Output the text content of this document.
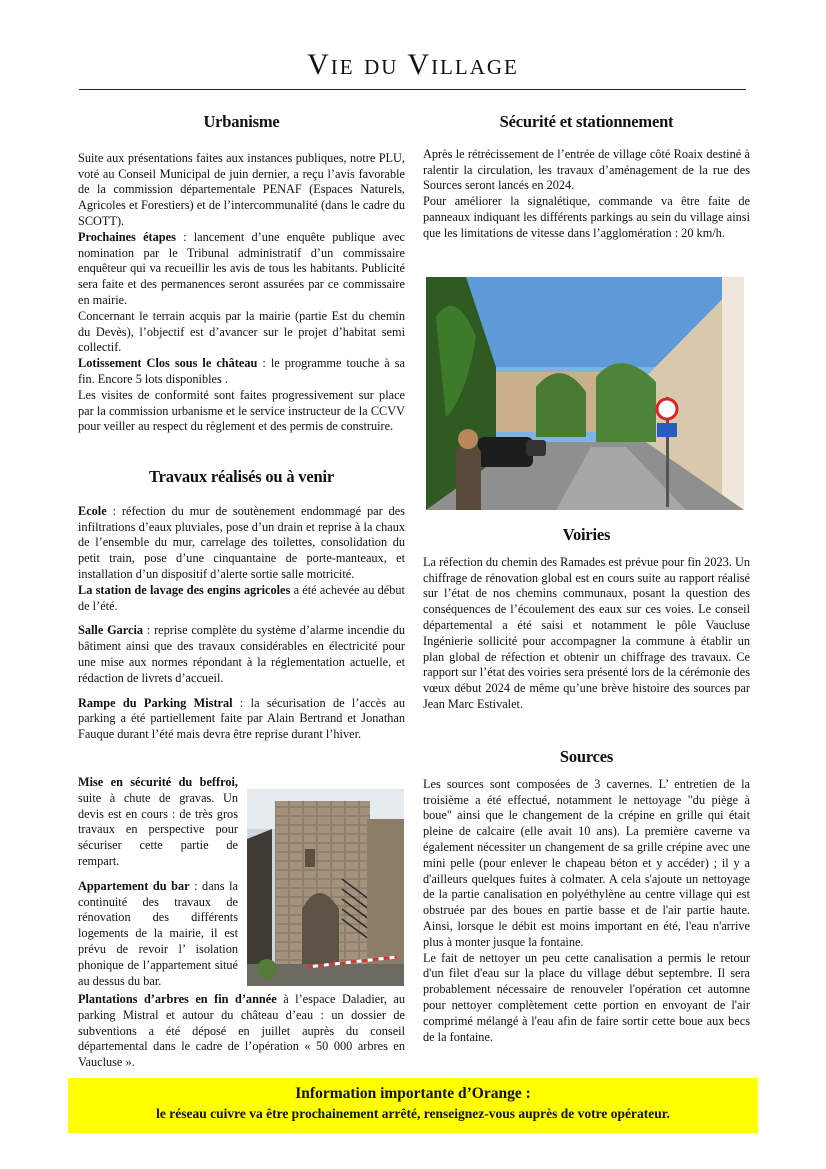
Vie du Village
Urbanisme

Suite aux présentations faites aux instances publiques, notre PLU, voté au Conseil Municipal de juin dernier, a reçu l’avis favorable de la commission départementale PENAF (Espaces Naturels, Agricoles et Forestiers) et de l’intercommunalité (dans le cadre du SCOTT).

Prochaines étapes : lancement d’une enquête publique avec nomination par le Tribunal administratif d’un commissaire enquêteur qui va recueillir les avis de tous les habitants. Publicité sera faite et des permanences seront assurées par ce commissaire en mairie.

Concernant le terrain acquis par la mairie (partie Est du chemin du Devès), l’objectif est d’avancer sur le projet d’habitat semi collectif.

Lotissement Clos sous le château : le programme touche à sa fin. Encore 5 lots disponibles .

Les visites de conformité sont faites progressivement sur place par la commission urbanisme et le service instructeur de la CCVV pour veiller au respect du règlement et des permis de construire.

Travaux réalisés ou à venir

Ecole : réfection du mur de soutènement endommagé par des infiltrations d’eaux pluviales, pose d’un drain et reprise à la chaux de l’ensemble du mur, carrelage des toilettes, consolidation du petit train, pose d’une cinquantaine de porte-manteaux, et installation d’un dispositif d’alerte sortie salle motricité.

La station de lavage des engins agricoles a été achevée au début de l’été.

Salle Garcia : reprise complète du système d’alarme incendie du bâtiment ainsi que des travaux considérables en électricité pour une mise aux normes répondant à la réglementation actuelle, et rédaction de livrets d’accueil.

Rampe du Parking Mistral : la sécurisation de l’accès au parking a été partiellement faite par Alain Bertrand et Jonathan Fauque durant l’été mais devra être reprise durant l’hiver.

Mise en sécurité du beffroi, suite à chute de gravas. Un devis est en cours : de très gros travaux en perspective pour sécuriser cette partie de rempart.

Appartement du bar : dans la continuité des travaux de rénovation des différents logements de la mairie, il est prévu de revoir l’ isolation phonique de l’appartement situé au dessus du bar.

Plantations d’arbres en fin d’année à l’espace Daladier, au parking Mistral et autour du château d’eau : un dossier de subventions a été déposé en juillet auprès du conseil départemental dans le cadre de l’opération « 50 000 arbres en Vaucluse ».

Sécurité et stationnement

Après le rétrécissement de l’entrée de village côté Roaix destiné à ralentir la circulation, les travaux d’aménagement de la rue des Sources seront lancés en 2024.

Pour améliorer la signalétique, commande va être faite de panneaux indiquant les différents parkings au sein du village ainsi que les limitations de vitesse dans l’agglomération : 20 km/h.

Voiries

La réfection du chemin des Ramades est prévue pour fin 2023. Un chiffrage de rénovation global est en cours suite au rapport réalisé sur l’état de nos chemins communaux, posant la question des conséquences de l’écoulement des eaux sur ces voies. Le conseil départemental a été saisi et notamment le pôle Vaucluse Ingénierie sollicité pour accompagner la commune à établir un plan global de réfection et obtenir un chiffrage des travaux. Ce rapport sur l’état des voiries sera présenté lors de la cérémonie des vœux début 2024 de même qu’une brève histoire des sources par Jean Marc Estivalet.

Sources

Les sources sont composées de 3 cavernes. L’ entretien de la troisième a été effectué, notamment le nettoyage "du piège à boue" ainsi que le changement de la crépine en grille qui était pleine de calcaire (elle avait 10 ans). La première caverne va également nécessiter un changement de sa grille crépine avec une mini pelle (pour enlever le chapeau béton et y accéder) ; il y a d'ailleurs quelques fuites à colmater. A cela s'ajoute un nettoyage de la partie canalisation en polyéthylène au centre village qui est obstruée par des boues en partie basse et de l'air partie haute. Ainsi, lorsque le débit est moins important en été, l'eau n'arrive plus à monter jusque la fontaine.

Le fait de nettoyer un peu cette canalisation a permis le retour d'un filet d'eau sur la place du village début septembre. Il sera probablement nécessaire de renouveler l'opération cet automne pour nettoyer complètement cette portion en envoyant de l'air comprimé mélangé à l'eau afin de faire sortir cette boue aux becs de la fontaine.

Information importante d’Orange :
le réseau cuivre va être prochainement arrêté, renseignez-vous auprès de votre opérateur.
